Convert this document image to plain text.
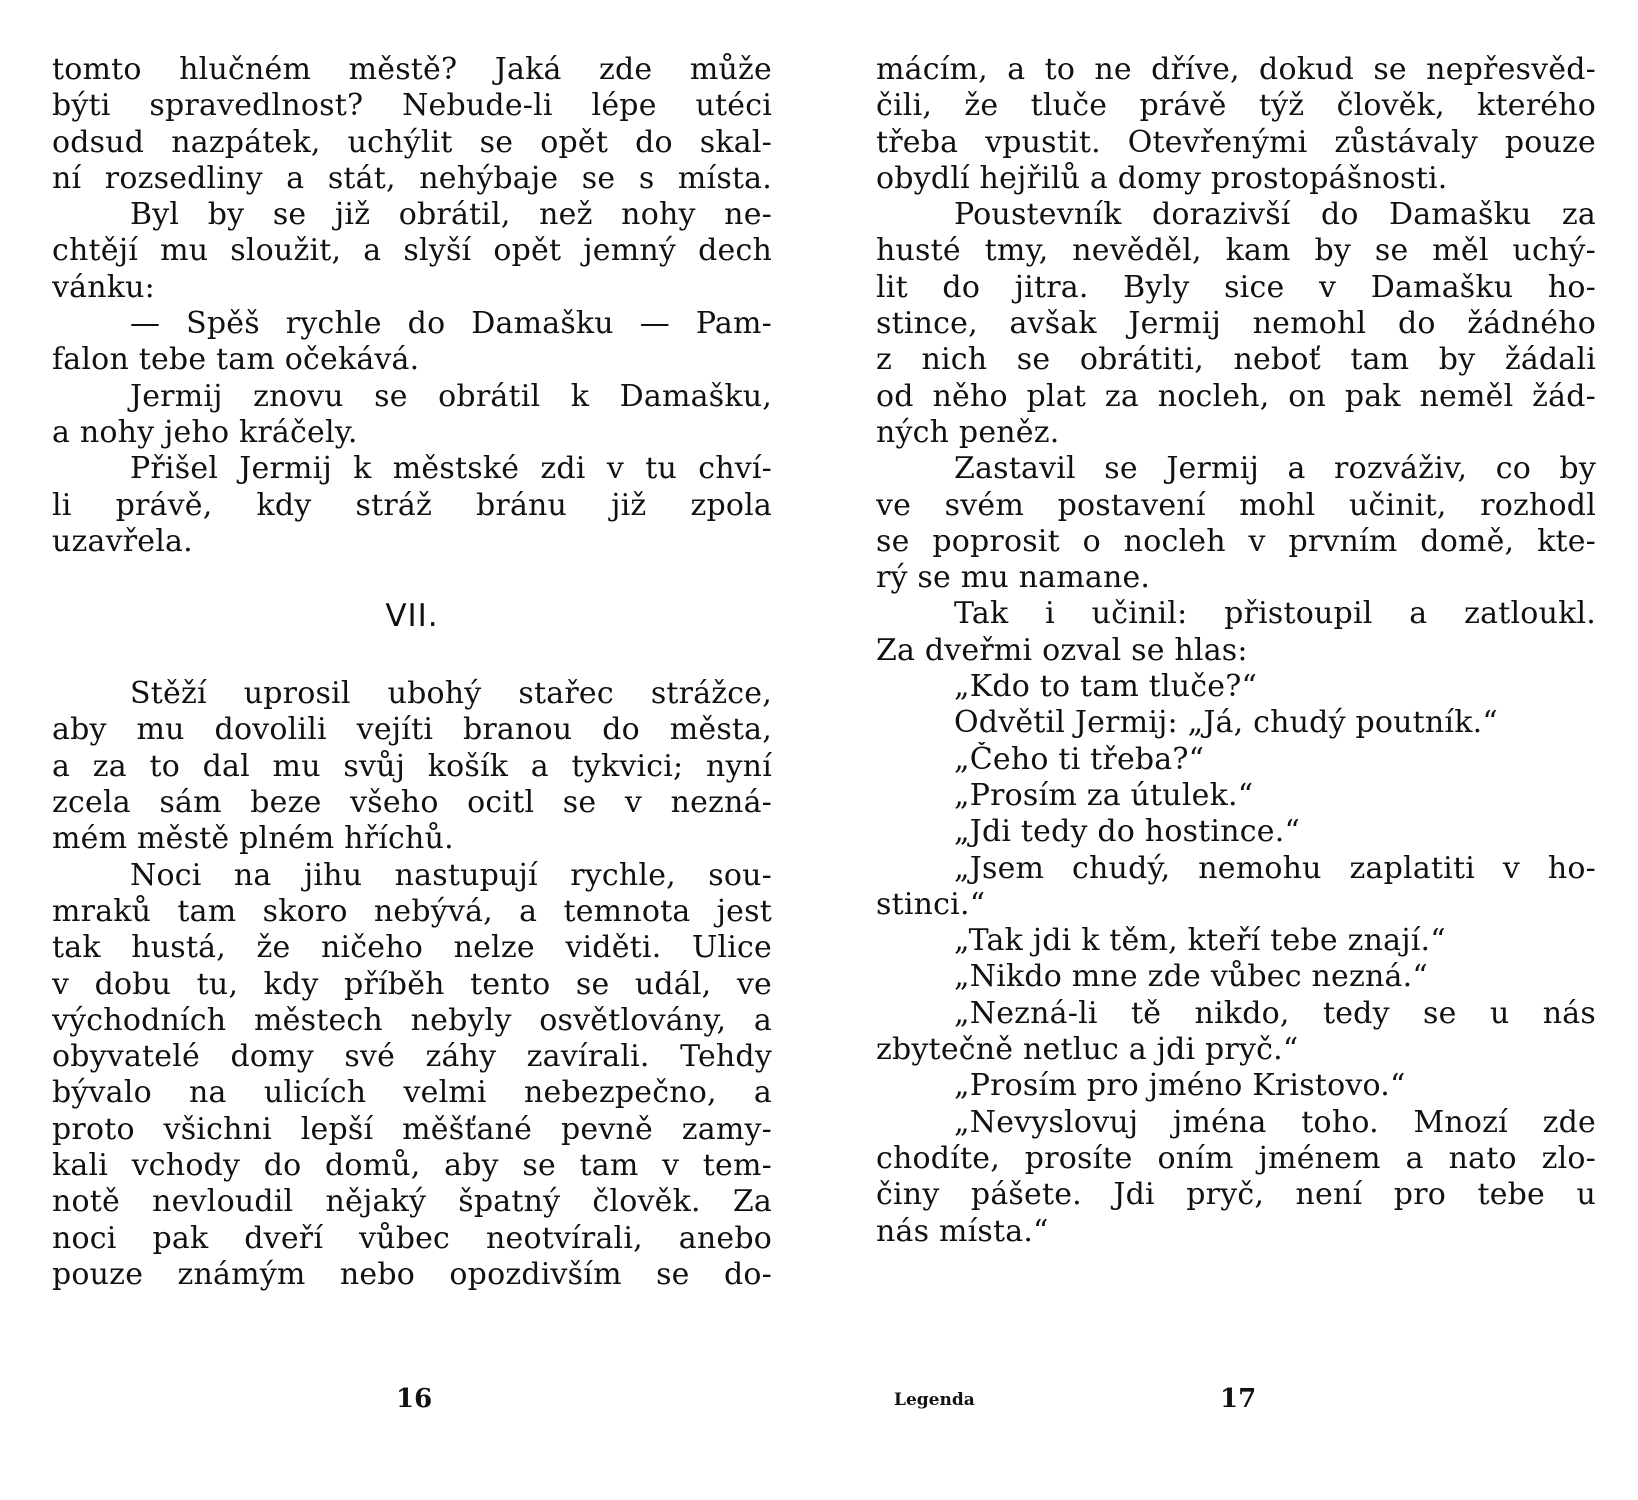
tomto hlučném městě? Jaká zde může
býti spravedlnost? Nebude-li lépe utéci
odsud nazpátek, uchýlit se opět do skal-
ní rozsedliny a stát, nehýbaje se s místa.
Byl by se již obrátil, než nohy ne-
chtějí mu sloužit, a slyší opět jemný dech
vánku:
— Spěš rychle do Damašku — Pam-
falon tebe tam očekává.
Jermij znovu se obrátil k Damašku,
a nohy jeho kráčely.
Přišel Jermij k městské zdi v tu chví-
li právě, kdy stráž bránu již zpola
uzavřela.
VII.
Stěží uprosil ubohý stařec strážce,
aby mu dovolili vejíti branou do města,
a za to dal mu svůj košík a tykvici; nyní
zcela sám beze všeho ocitl se v nezná-
mém městě plném hříchů.
Noci na jihu nastupují rychle, sou-
mraků tam skoro nebývá, a temnota jest
tak hustá, že ničeho nelze viděti. Ulice
v dobu tu, kdy příběh tento se udál, ve
východních městech nebyly osvětlovány, a
obyvatelé domy své záhy zavírali. Tehdy
bývalo na ulicích velmi nebezpečno, a
proto všichni lepší měšťané pevně zamy-
kali vchody do domů, aby se tam v tem-
notě nevloudil nějaký špatný člověk. Za
noci pak dveří vůbec neotvírali, anebo
pouze známým nebo opozdivším se do-
16
mácím, a to ne dříve, dokud se nepřesvěd-
čili, že tluče právě týž člověk, kterého
třeba vpustit. Otevřenými zůstávaly pouze
obydlí hejřilů a domy prostopášnosti.
Poustevník dorazivší do Damašku za
husté tmy, nevěděl, kam by se měl uchý-
lit do jitra. Byly sice v Damašku ho-
stince, avšak Jermij nemohl do žádného
z nich se obrátiti, neboť tam by žádali
od něho plat za nocleh, on pak neměl žád-
ných peněz.
Zastavil se Jermij a rozváživ, co by
ve svém postavení mohl učinit, rozhodl
se poprosit o nocleh v prvním domě, kte-
rý se mu namane.
Tak i učinil: přistoupil a zatloukl.
Za dveřmi ozval se hlas:
„Kdo to tam tluče?“
Odvětil Jermij: „Já, chudý poutník.“
„Čeho ti třeba?“
„Prosím za útulek.“
„Jdi tedy do hostince.“
„Jsem chudý, nemohu zaplatiti v ho-
stinci.“
„Tak jdi k těm, kteří tebe znají.“
„Nikdo mne zde vůbec nezná.“
„Nezná-li tě nikdo, tedy se u nás
zbytečně netluc a jdi pryč.“
„Prosím pro jméno Kristovo.“
„Nevyslovuj jména toho. Mnozí zde
chodíte, prosíte oním jménem a nato zlo-
činy pášete. Jdi pryč, není pro tebe u
nás místa.“
Legenda	17
